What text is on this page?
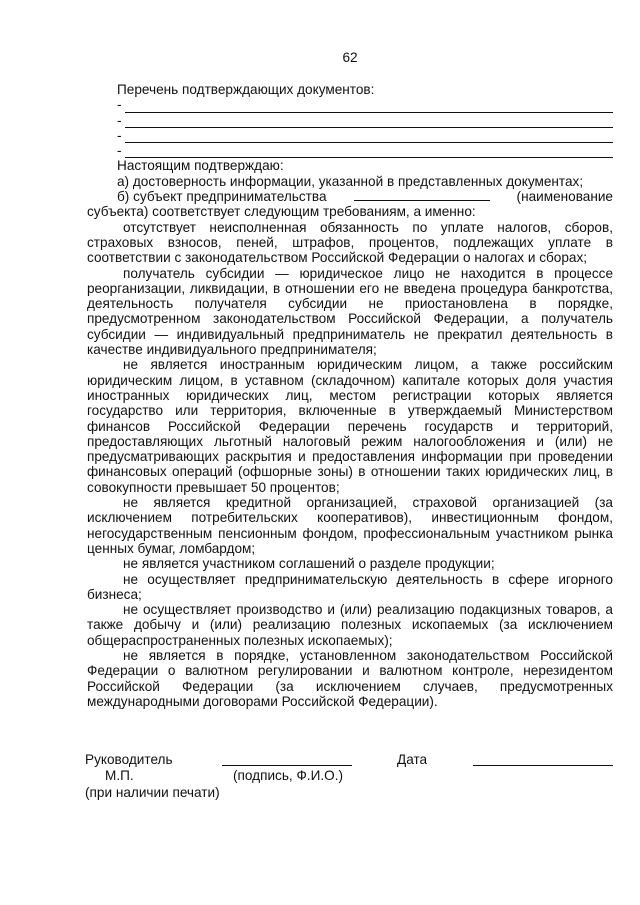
62

Перечень подтверждающих документов:

-
-
-
-

Настоящим подтверждаю:

а) достоверность информации, указанной в представленных документах;

б) субъект предпринимательства	(наименование

субъекта) соответствует следующим требованиям, а именно:

отсутствует неисполненная обязанность по уплате налогов, сборов,

страховых взносов, пеней, штрафов, процентов, подлежащих уплате в

соответствии с законодательством Российской Федерации о налогах и сборах;

получатель субсидии — юридическое лицо не находится в процессе

реорганизации, ликвидации, в отношении его не введена процедура банкротства,

деятельность получателя субсидии не приостановлена в порядке,

предусмотренном законодательством Российской Федерации, а получатель

субсидии — индивидуальный предприниматель не прекратил деятельность в

качестве индивидуального предпринимателя;

не является иностранным юридическим лицом, а также российским

юридическим лицом, в уставном (складочном) капитале которых доля участия

иностранных юридических лиц, местом регистрации которых является

государство или территория, включенные в утверждаемый Министерством

финансов Российской Федерации перечень государств и территорий,

предоставляющих льготный налоговый режим налогообложения и (или) не

предусматривающих раскрытия и предоставления информации при проведении

финансовых операций (офшорные зоны) в отношении таких юридических лиц, в

совокупности превышает 50 процентов;

не является кредитной организацией, страховой организацией (за

исключением потребительских кооперативов), инвестиционным фондом,

негосударственным пенсионным фондом, профессиональным участником рынка

ценных бумаг, ломбардом;

не является участником соглашений о разделе продукции;

не осуществляет предпринимательскую деятельность в сфере игорного

бизнеса;

не осуществляет производство и (или) реализацию подакцизных товаров, а

также добычу и (или) реализацию полезных ископаемых (за исключением

общераспространенных полезных ископаемых);

не является в порядке, установленном законодательством Российской

Федерации о валютном регулировании и валютном контроле, нерезидентом

Российской Федерации (за исключением случаев, предусмотренных

международными договорами Российской Федерации).

Руководитель	Дата
М.П.	(подпись, Ф.И.О.)
(при наличии печати)
